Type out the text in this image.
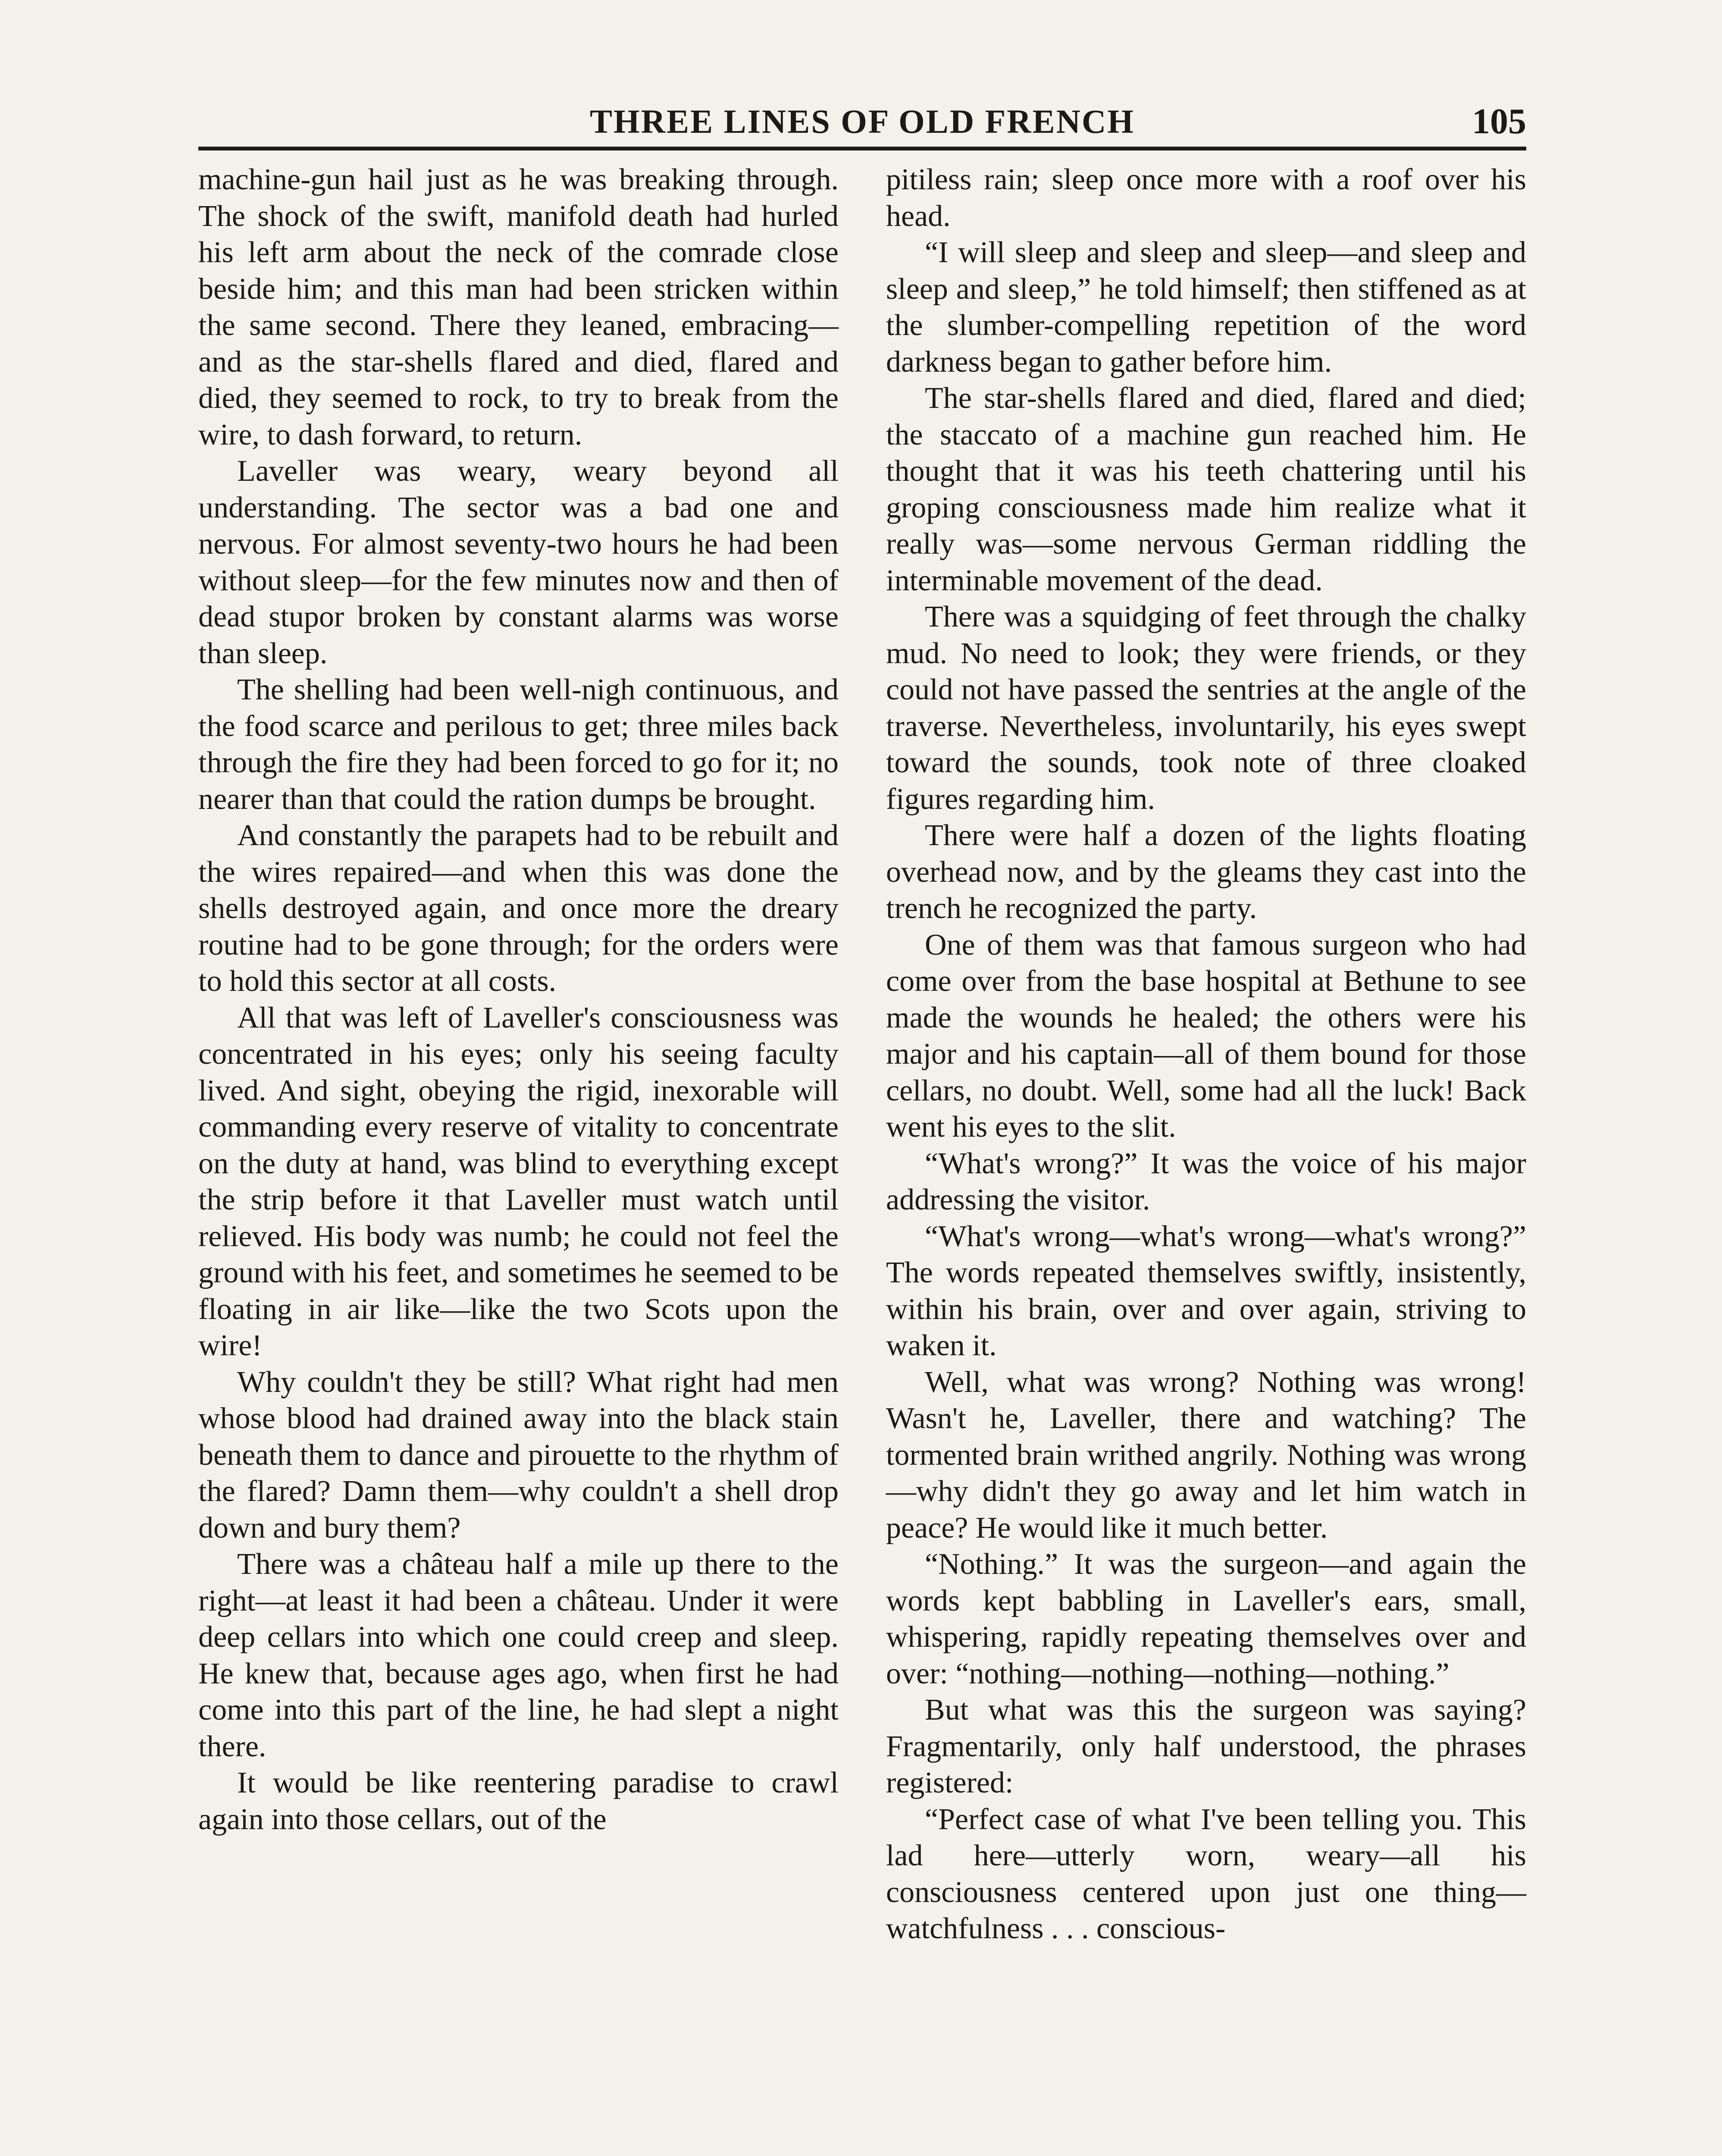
THREE LINES OF OLD FRENCH	105

machine-gun hail just as he was breaking through. The shock of the swift, manifold death had hurled his left arm about the neck of the comrade close beside him; and this man had been stricken within the same second. There they leaned, embracing—and as the star-shells flared and died, flared and died, they seemed to rock, to try to break from the wire, to dash forward, to return.

Laveller was weary, weary beyond all understanding. The sector was a bad one and nervous. For almost seventy-two hours he had been without sleep—for the few minutes now and then of dead stupor broken by constant alarms was worse than sleep.

The shelling had been well-nigh continuous, and the food scarce and perilous to get; three miles back through the fire they had been forced to go for it; no nearer than that could the ration dumps be brought.

And constantly the parapets had to be rebuilt and the wires repaired—and when this was done the shells destroyed again, and once more the dreary routine had to be gone through; for the orders were to hold this sector at all costs.

All that was left of Laveller's consciousness was concentrated in his eyes; only his seeing faculty lived. And sight, obeying the rigid, inexorable will commanding every reserve of vitality to concentrate on the duty at hand, was blind to everything except the strip before it that Laveller must watch until relieved. His body was numb; he could not feel the ground with his feet, and sometimes he seemed to be floating in air like—like the two Scots upon the wire!

Why couldn't they be still? What right had men whose blood had drained away into the black stain beneath them to dance and pirouette to the rhythm of the flared? Damn them—why couldn't a shell drop down and bury them?

There was a château half a mile up there to the right—at least it had been a château. Under it were deep cellars into which one could creep and sleep. He knew that, because ages ago, when first he had come into this part of the line, he had slept a night there.

It would be like reentering paradise to crawl again into those cellars, out of the

pitiless rain; sleep once more with a roof over his head.

“I will sleep and sleep and sleep—and sleep and sleep and sleep,” he told himself; then stiffened as at the slumber-compelling repetition of the word darkness began to gather before him.

The star-shells flared and died, flared and died; the staccato of a machine gun reached him. He thought that it was his teeth chattering until his groping consciousness made him realize what it really was—some nervous German riddling the interminable movement of the dead.

There was a squidging of feet through the chalky mud. No need to look; they were friends, or they could not have passed the sentries at the angle of the traverse. Nevertheless, involuntarily, his eyes swept toward the sounds, took note of three cloaked figures regarding him.

There were half a dozen of the lights floating overhead now, and by the gleams they cast into the trench he recognized the party.

One of them was that famous surgeon who had come over from the base hospital at Bethune to see made the wounds he healed; the others were his major and his captain—all of them bound for those cellars, no doubt. Well, some had all the luck! Back went his eyes to the slit.

“What's wrong?” It was the voice of his major addressing the visitor.

“What's wrong—what's wrong—what's wrong?” The words repeated themselves swiftly, insistently, within his brain, over and over again, striving to waken it.

Well, what was wrong? Nothing was wrong! Wasn't he, Laveller, there and watching? The tormented brain writhed angrily. Nothing was wrong—why didn't they go away and let him watch in peace? He would like it much better.

“Nothing.” It was the surgeon—and again the words kept babbling in Laveller's ears, small, whispering, rapidly repeating themselves over and over: “nothing—nothing—nothing—nothing.”

But what was this the surgeon was saying? Fragmentarily, only half understood, the phrases registered:

“Perfect case of what I've been telling you. This lad here—utterly worn, weary—all his consciousness centered upon just one thing—watchfulness . . . conscious-
